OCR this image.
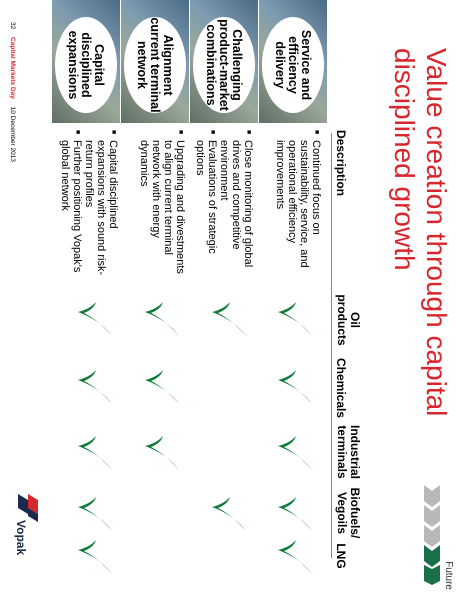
Value creation through capital disciplined growth
Future
Description
Oil products
Chemicals
Industrial terminals
Biofuels/ Vegoils
LNG
Service and efficiency delivery
■ Continued focus on sustainability, service, and operational efficiency improvements
Challenging product-market combinations
■ Close monitoring of global drives and competitive environment
■ Evaluations of strategic options
Alignment current terminal network
■ Upgrading and divestments to align current terminal network with energy dynamics
Capital disciplined expansions
■ Capital disciplined expansions with sound risk-return profiles
■ Further positioning Vopak's global network
32 Capital Markets Day 10 December 2013
Vopak
